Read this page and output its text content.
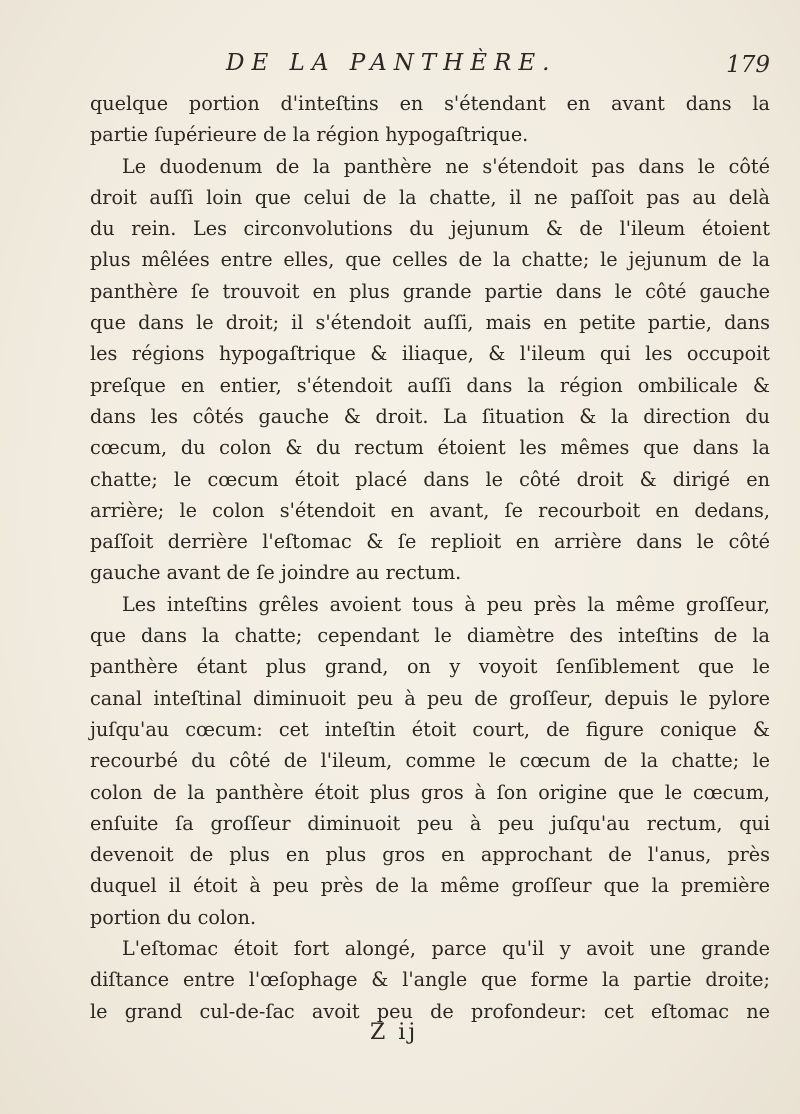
DE LA PANTHÈRE.	179
quelque portion d'inteſtins en s'étendant en avant dans la
partie ſupérieure de la région hypogaſtrique.
Le duodenum de la panthère ne s'étendoit pas dans le côté
droit auſſi loin que celui de la chatte, il ne paſſoit pas au delà
du rein. Les circonvolutions du jejunum & de l'ileum étoient
plus mêlées entre elles, que celles de la chatte; le jejunum de la
panthère ſe trouvoit en plus grande partie dans le côté gauche
que dans le droit; il s'étendoit auſſi, mais en petite partie, dans
les régions hypogaſtrique & iliaque, & l'ileum qui les occupoit
preſque en entier, s'étendoit auſſi dans la région ombilicale &
dans les côtés gauche & droit. La ſituation & la direction du
cœcum, du colon & du rectum étoient les mêmes que dans la
chatte; le cœcum étoit placé dans le côté droit & dirigé en
arrière; le colon s'étendoit en avant, ſe recourboit en dedans,
paſſoit derrière l'eſtomac & ſe replioit en arrière dans le côté
gauche avant de ſe joindre au rectum.
Les inteſtins grêles avoient tous à peu près la même groſſeur,
que dans la chatte; cependant le diamètre des inteſtins de la
panthère étant plus grand, on y voyoit ſenſiblement que le
canal inteſtinal diminuoit peu à peu de groſſeur, depuis le pylore
juſqu'au cœcum: cet inteſtin étoit court, de figure conique &
recourbé du côté de l'ileum, comme le cœcum de la chatte; le
colon de la panthère étoit plus gros à ſon origine que le cœcum,
enſuite ſa groſſeur diminuoit peu à peu juſqu'au rectum, qui
devenoit de plus en plus gros en approchant de l'anus, près
duquel il étoit à peu près de la même groſſeur que la première
portion du colon.
L'eſtomac étoit fort alongé, parce qu'il y avoit une grande
diſtance entre l'œſophage & l'angle que forme la partie droite;
le grand cul-de-ſac avoit peu de profondeur: cet eſtomac ne
Z ij
